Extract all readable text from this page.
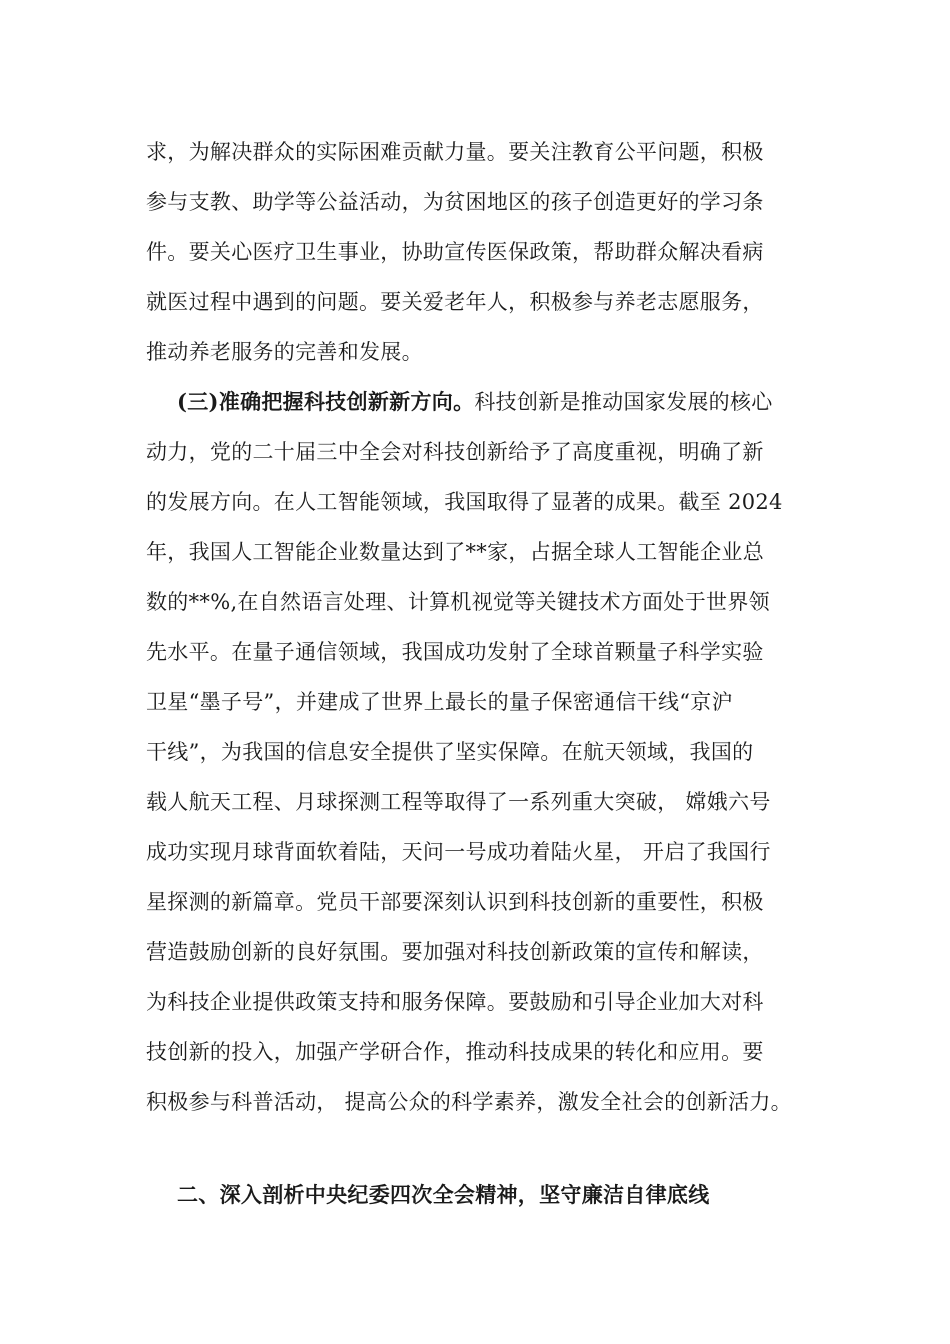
求，为解决群众的实际困难贡献力量。要关注教育公平问题，积极
参与支教、助学等公益活动，为贫困地区的孩子创造更好的学习条
件。要关心医疗卫生事业，协助宣传医保政策，帮助群众解决看病
就医过程中遇到的问题。要关爱老年人，积极参与养老志愿服务，
推动养老服务的完善和发展。
(三)准确把握科技创新新方向。科技创新是推动国家发展的核心
动力，党的二十届三中全会对科技创新给予了高度重视，明确了新
的发展方向。在人工智能领域，我国取得了显著的成果。截至 2024
年，我国人工智能企业数量达到了**家，占据全球人工智能企业总
数的**%,在自然语言处理、计算机视觉等关键技术方面处于世界领
先水平。在量子通信领域，我国成功发射了全球首颗量子科学实验
卫星“墨子号”，并建成了世界上最长的量子保密通信干线“京沪
干线”，为我国的信息安全提供了坚实保障。在航天领域，我国的
载人航天工程、月球探测工程等取得了一系列重大突破， 嫦娥六号
成功实现月球背面软着陆，天问一号成功着陆火星， 开启了我国行
星探测的新篇章。党员干部要深刻认识到科技创新的重要性，积极
营造鼓励创新的良好氛围。要加强对科技创新政策的宣传和解读，
为科技企业提供政策支持和服务保障。要鼓励和引导企业加大对科
技创新的投入，加强产学研合作，推动科技成果的转化和应用。要
积极参与科普活动， 提高公众的科学素养，激发全社会的创新活力。
二、深入剖析中央纪委四次全会精神，坚守廉洁自律底线
